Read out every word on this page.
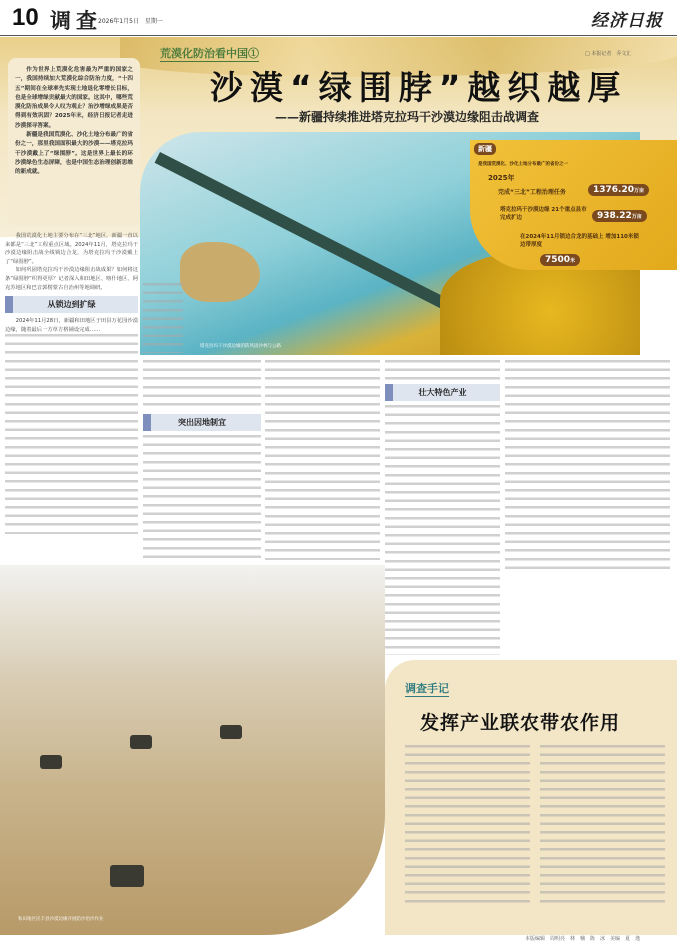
10 调查
2026年1月5日　星期一	经济日报

作为世界上荒漠化危害最为严重的国家之一，我国持续加大荒漠化综合防治力度，“十四五”期间在全球率先实现土地退化零增长目标，也是全球增绿贡献最大的国家。这其中，哪些荒漠化防治成果令人叹为观止？治沙增绿成果是否得到有效巩固？2025年末，经济日报记者走进沙漠探寻答案。

新疆是我国荒漠化、沙化土地分布最广的省份之一，那里我国面积最大的沙漠——塔克拉玛干沙漠戴上了“绿围脖”。这是世界上最长的环沙漠绿色生态屏障，也是中国生态治理创新思维的新成就。

荒漠化防治看中国①	□ 本报记者　乔文汇
沙漠“绿围脖”越织越厚
——新疆持续推进塔克拉玛干沙漠边缘阻击战调查
塔克拉玛干沙漠边缘的防风固沙林与公路
新疆
是我国荒漠化、沙化土地分布最广的省份之一
2025年
完成“三北”工程治理任务	1376.20万亩
塔克拉玛干沙漠边缘 21个重点县市完成扩边	938.22万亩
在2024年11月锁边合龙的基础上 增加110米锁边带厚度
7500米

我国荒漠化土地主要分布在“三北”地区，新疆一直以来都是“三北”工程重点区域。2024年11月，塔克拉玛干沙漠边缘阻击战全线锁边合龙，为塔克拉玛干沙漠戴上了“绿围脖”。

如何巩固塔克拉玛干沙漠边缘阻击战成果？如何将这条“绿围脖”织得更厚？记者深入和田地区、喀什地区、阿克苏地区和巴音郭楞蒙古自治州等地调研。

从锁边到扩绿

2024年11月28日，新疆和田地区于田县万花园沙漠边缘，随着最后一方草方格铺设完成……

突出因地制宜
壮大特色产业
和田地区民丰县沙漠边缘开展防沙治沙作业
调查手记
发挥产业联农带农作用
本版编辑　周明亮　林　楠　陈　冰　美编　夏　逸
